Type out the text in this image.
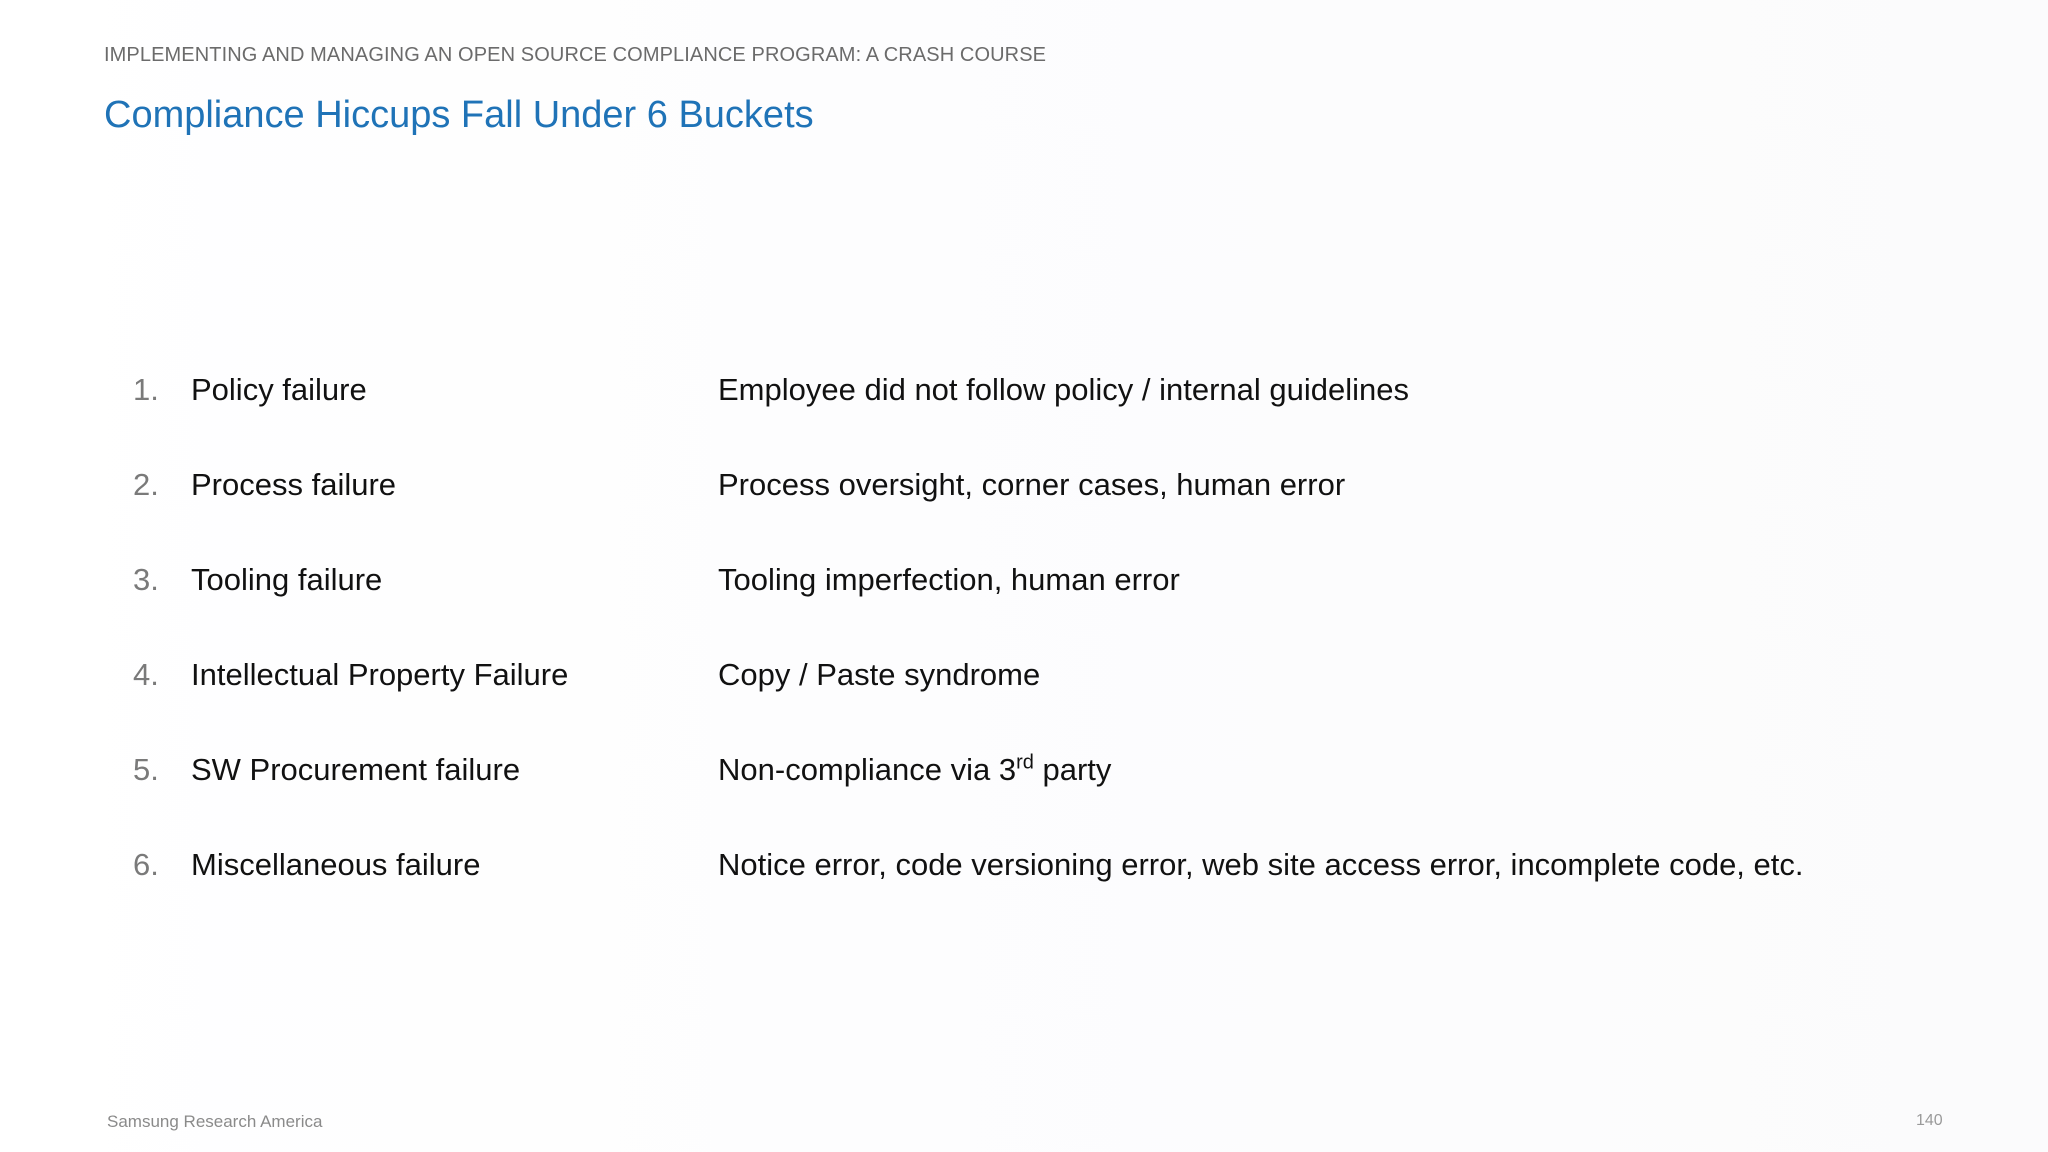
IMPLEMENTING AND MANAGING AN OPEN SOURCE COMPLIANCE PROGRAM: A CRASH COURSE
Compliance Hiccups Fall Under 6 Buckets
1. Policy failure	Employee did not follow policy / internal guidelines
2. Process failure	Process oversight, corner cases, human error
3. Tooling failure	Tooling imperfection, human error
4. Intellectual Property Failure	Copy / Paste syndrome
5. SW Procurement failure	Non-compliance via 3rd party
6. Miscellaneous failure	Notice error, code versioning error, web site access error, incomplete code, etc.
Samsung Research America	140
